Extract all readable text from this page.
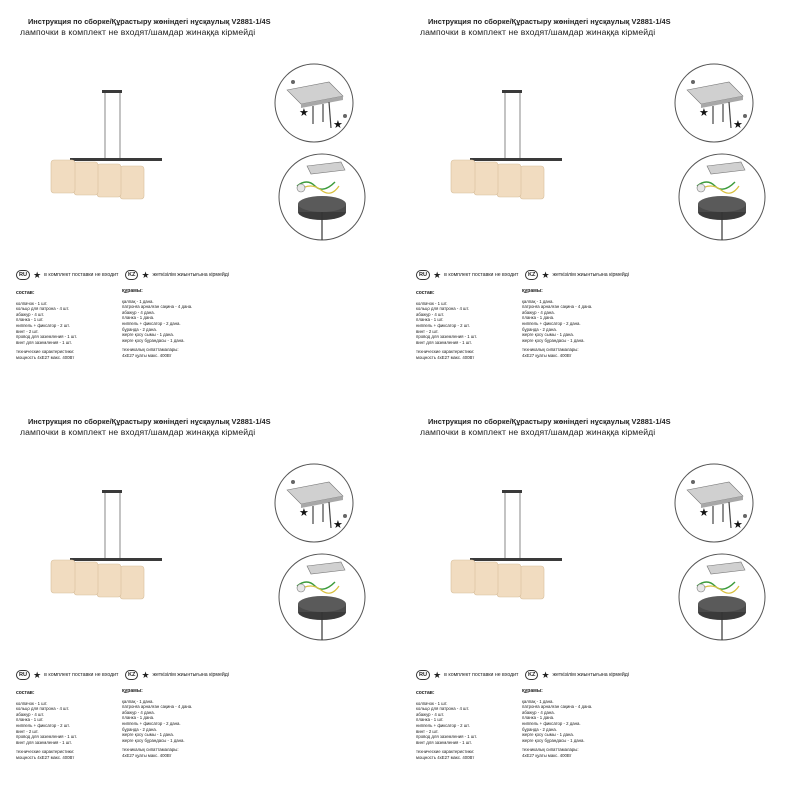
Инструкция по сборке/Құрастыру жөніндегі нұсқаулық V2881-1/4S
лампочки в комплект не входят/шамдар жинаққа кірмейді
★
★
RU ★ в комплект поставки не входит	KZ ★ жеткізілім жиынтығына кірмейді
состав:
колпачок - 1 шт.
кольцо для патрона - 4 шт.
абажур - 4 шт.
планка - 1 шт.
ниппель + фиксатор - 2 шт.
винт - 2 шт.
провод для заземления - 1 шт.
винт для заземления - 1 шт.
технические характеристики:
мощность 4хE27 макс. 400Вт
құрамы:
қалпақ - 1 дана.
патронға арналған сақина - 4 дана.
абажур - 4 дана.
планка - 1 дана.
ниппель + фиксатор - 2 дана.
бұранда - 2 дана.
жерге қосу сымы - 1 дана.
жерге қосу бұрандасы - 1 дана.
техникалық сипаттамалары:
4хE27 қуаты макс. 400Вт
Инструкция по сборке/Құрастыру жөніндегі нұсқаулық V2881-1/4S
лампочки в комплект не входят/шамдар жинаққа кірмейді
★
★
RU ★ в комплект поставки не входит	KZ ★ жеткізілім жиынтығына кірмейді
состав:
колпачок - 1 шт.
кольцо для патрона - 4 шт.
абажур - 4 шт.
планка - 1 шт.
ниппель + фиксатор - 2 шт.
винт - 2 шт.
провод для заземления - 1 шт.
винт для заземления - 1 шт.
технические характеристики:
мощность 4хE27 макс. 400Вт
құрамы:
қалпақ - 1 дана.
патронға арналған сақина - 4 дана.
абажур - 4 дана.
планка - 1 дана.
ниппель + фиксатор - 2 дана.
бұранда - 2 дана.
жерге қосу сымы - 1 дана.
жерге қосу бұрандасы - 1 дана.
техникалық сипаттамалары:
4хE27 қуаты макс. 400Вт
Инструкция по сборке/Құрастыру жөніндегі нұсқаулық V2881-1/4S
лампочки в комплект не входят/шамдар жинаққа кірмейді
★
★
RU ★ в комплект поставки не входит	KZ ★ жеткізілім жиынтығына кірмейді
состав:
колпачок - 1 шт.
кольцо для патрона - 4 шт.
абажур - 4 шт.
планка - 1 шт.
ниппель + фиксатор - 2 шт.
винт - 2 шт.
провод для заземления - 1 шт.
винт для заземления - 1 шт.
технические характеристики:
мощность 4хE27 макс. 400Вт
құрамы:
қалпақ - 1 дана.
патронға арналған сақина - 4 дана.
абажур - 4 дана.
планка - 1 дана.
ниппель + фиксатор - 2 дана.
бұранда - 2 дана.
жерге қосу сымы - 1 дана.
жерге қосу бұрандасы - 1 дана.
техникалық сипаттамалары:
4хE27 қуаты макс. 400Вт
Инструкция по сборке/Құрастыру жөніндегі нұсқаулық V2881-1/4S
лампочки в комплект не входят/шамдар жинаққа кірмейді
★
★
RU ★ в комплект поставки не входит	KZ ★ жеткізілім жиынтығына кірмейді
состав:
колпачок - 1 шт.
кольцо для патрона - 4 шт.
абажур - 4 шт.
планка - 1 шт.
ниппель + фиксатор - 2 шт.
винт - 2 шт.
провод для заземления - 1 шт.
винт для заземления - 1 шт.
технические характеристики:
мощность 4хE27 макс. 400Вт
құрамы:
қалпақ - 1 дана.
патронға арналған сақина - 4 дана.
абажур - 4 дана.
планка - 1 дана.
ниппель + фиксатор - 2 дана.
бұранда - 2 дана.
жерге қосу сымы - 1 дана.
жерге қосу бұрандасы - 1 дана.
техникалық сипаттамалары:
4хE27 қуаты макс. 400Вт
